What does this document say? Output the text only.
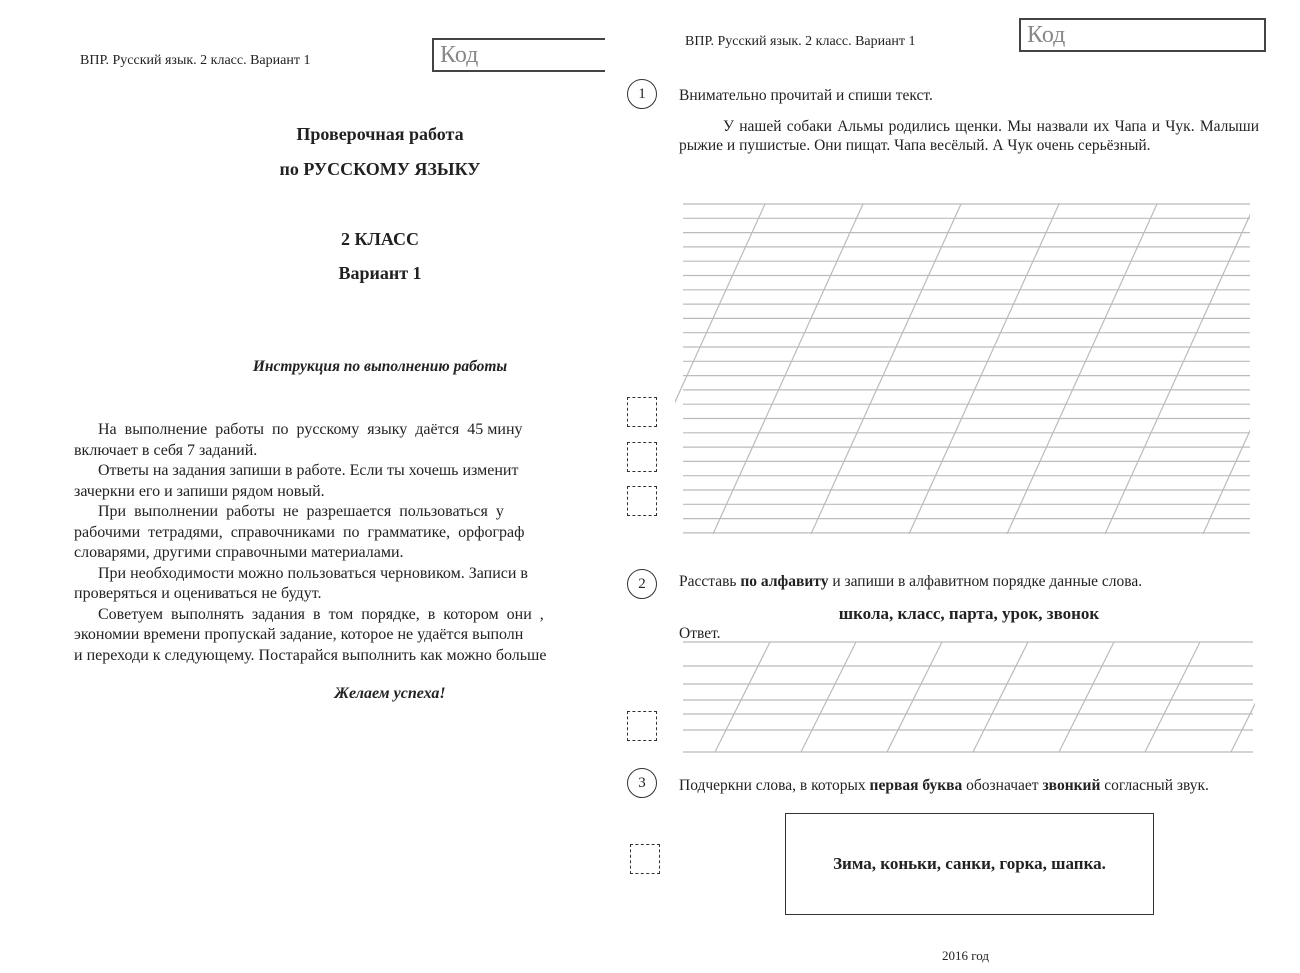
ВПР. Русский язык. 2 класс. Вариант 1	Код
Проверочная работа
по РУССКОМУ ЯЗЫКУ
2 КЛАСС
Вариант 1
Инструкция по выполнению работы
На  выполнение  работы  по  русскому  языку  даётся  45 мину
включает в себя 7 заданий.
Ответы на задания запиши в работе. Если ты хочешь изменит
зачеркни его и запиши рядом новый.
При  выполнении  работы  не  разрешается  пользоваться  у
рабочими  тетрадями,  справочниками  по  грамматике,  орфограф
словарями, другими справочными материалами.
При необходимости можно пользоваться черновиком. Записи в
проверяться и оцениваться не будут.
Советуем  выполнять  задания  в  том  порядке,  в  котором  они  ,
экономии времени пропускай задание, которое не удаётся выполн
и переходи к следующему. Постарайся выполнить как можно больше
Желаем успеха!
ВПР. Русский язык. 2 класс. Вариант 1	Код
1	Внимательно прочитай и спиши текст.
У нашей собаки Альмы родились щенки. Мы назвали их Чапа и Чук. Малыши рыжие и пушистые. Они пищат. Чапа весёлый. А Чук очень серьёзный.
2	Расставь по алфавиту и запиши в алфавитном порядке данные слова.
школа, класс, парта, урок, звонок
Ответ.
3	Подчеркни слова, в которых первая буква обозначает звонкий согласный звук.
Зима, коньки, санки, горка, шапка.
2016 год
